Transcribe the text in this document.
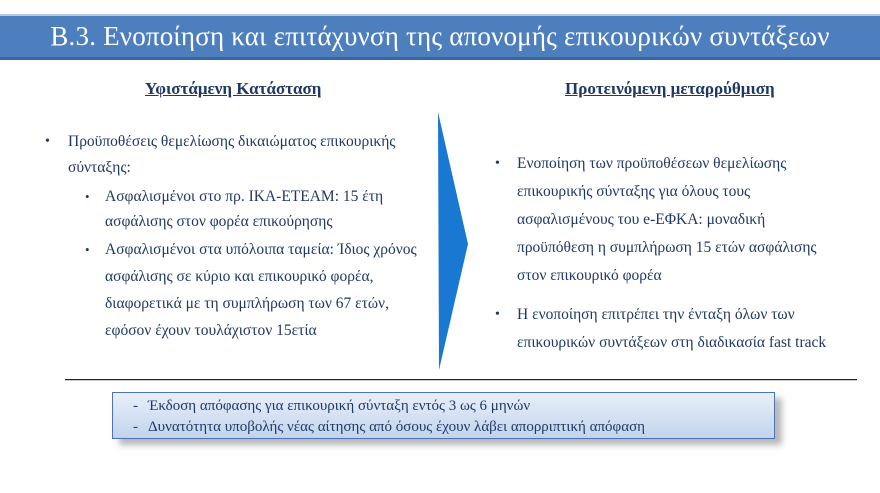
Β.3. Ενοποίηση και επιτάχυνση της απονομής επικουρικών συντάξεων
Υφιστάμενη Κατάσταση	Προτεινόμενη μεταρρύθμιση
•	Προϋποθέσεις θεμελίωσης δικαιώματος επικουρικής σύνταξης:
• Ασφαλισμένοι στο πρ. ΙΚΑ-ΕΤΕΑΜ: 15 έτη ασφάλισης στον φορέα επικούρησης
• Ασφαλισμένοι στα υπόλοιπα ταμεία: Ίδιος χρόνος ασφάλισης σε κύριο και επικουρικό φορέα, διαφορετικά με τη συμπλήρωση των 67 ετών, εφόσον έχουν τουλάχιστον 15ετία
•	Ενοποίηση των προϋποθέσεων θεμελίωσης επικουρικής σύνταξης για όλους τους ασφαλισμένους του e-ΕΦΚΑ: μοναδική προϋπόθεση η συμπλήρωση 15 ετών ασφάλισης στον επικουρικό φορέα
•	Η ενοποίηση επιτρέπει την ένταξη όλων των επικουρικών συντάξεων στη διαδικασία fast track
- Έκδοση απόφασης για επικουρική σύνταξη εντός 3 ως 6 μηνών
- Δυνατότητα υποβολής νέας αίτησης από όσους έχουν λάβει απορριπτική απόφαση
